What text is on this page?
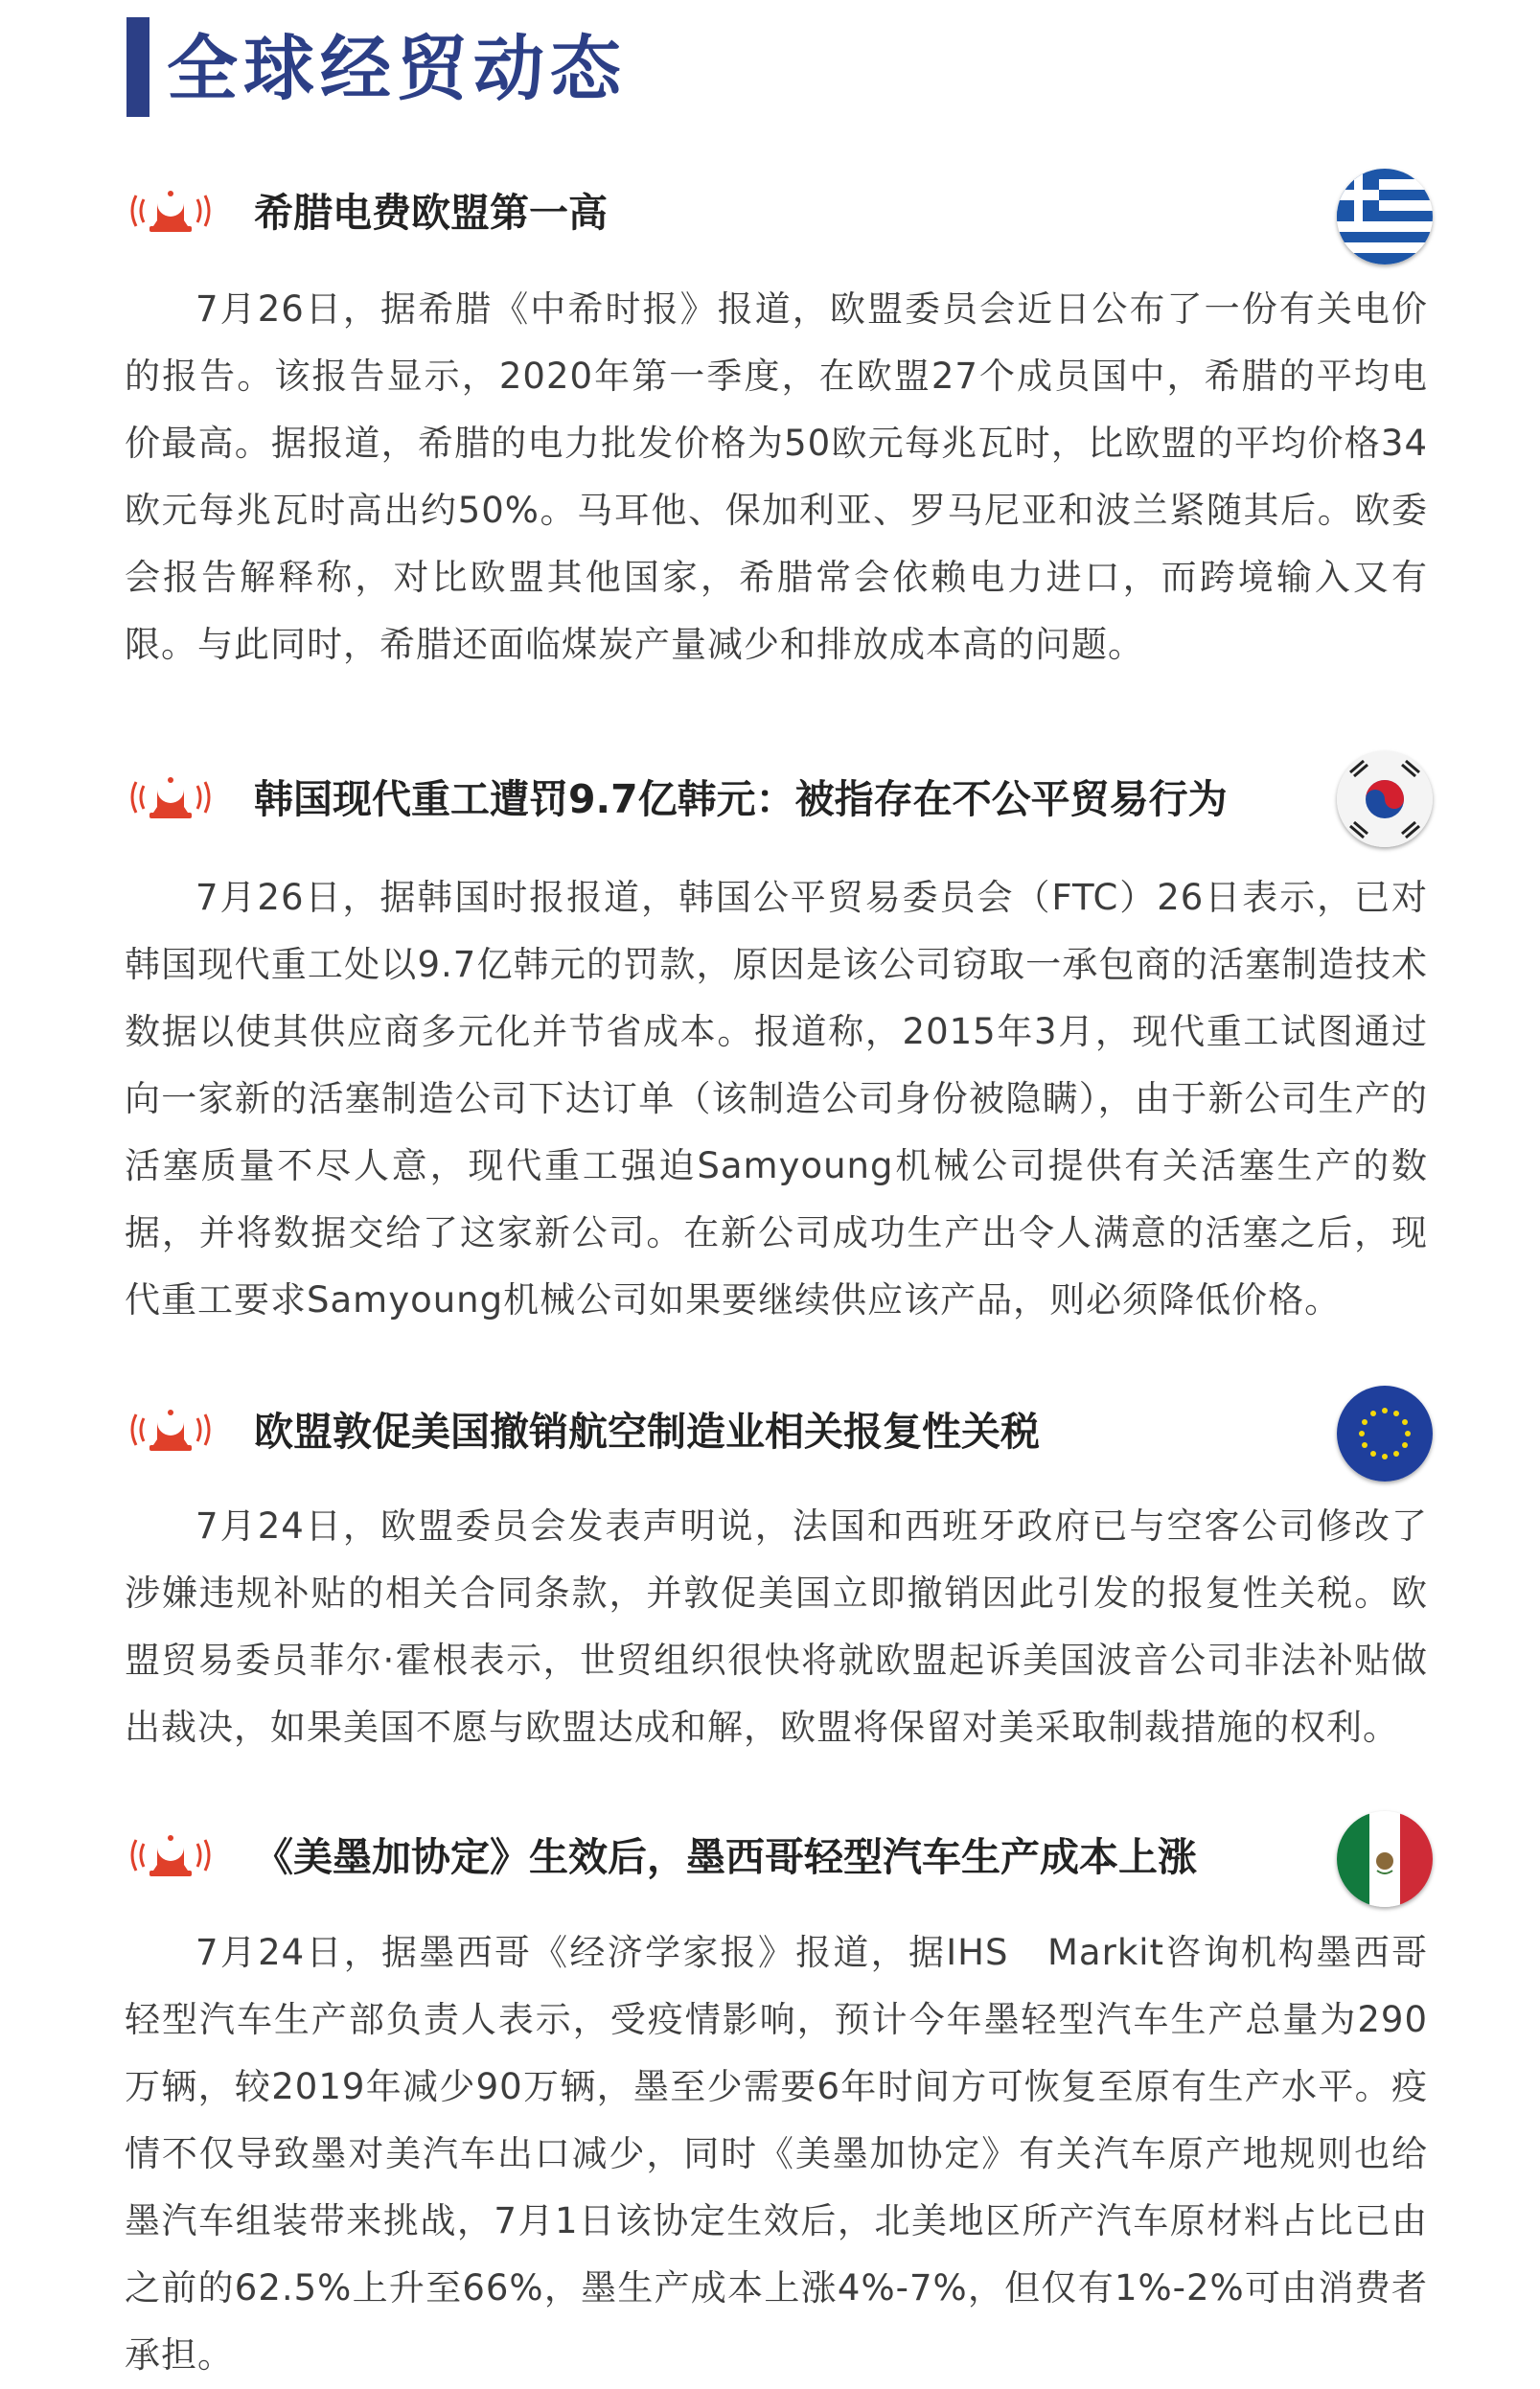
全球经贸动态
希腊电费欧盟第一高

7月26日，据希腊《中希时报》报道，欧盟委员会近日公布了一份有关电价的报告。该报告显示，2020年第一季度，在欧盟27个成员国中，希腊的平均电价最高。据报道，希腊的电力批发价格为50欧元每兆瓦时，比欧盟的平均价格34欧元每兆瓦时高出约50%。马耳他、保加利亚、罗马尼亚和波兰紧随其后。欧委会报告解释称，对比欧盟其他国家，希腊常会依赖电力进口，而跨境输入又有限。与此同时，希腊还面临煤炭产量减少和排放成本高的问题。

韩国现代重工遭罚9.7亿韩元：被指存在不公平贸易行为

7月26日，据韩国时报报道，韩国公平贸易委员会（FTC）26日表示，已对韩国现代重工处以9.7亿韩元的罚款，原因是该公司窃取一承包商的活塞制造技术数据以使其供应商多元化并节省成本。报道称，2015年3月，现代重工试图通过向一家新的活塞制造公司下达订单（该制造公司身份被隐瞒），由于新公司生产的活塞质量不尽人意，现代重工强迫Samyoung机械公司提供有关活塞生产的数据，并将数据交给了这家新公司。在新公司成功生产出令人满意的活塞之后，现代重工要求Samyoung机械公司如果要继续供应该产品，则必须降低价格。

欧盟敦促美国撤销航空制造业相关报复性关税

7月24日，欧盟委员会发表声明说，法国和西班牙政府已与空客公司修改了涉嫌违规补贴的相关合同条款，并敦促美国立即撤销因此引发的报复性关税。欧盟贸易委员菲尔·霍根表示，世贸组织很快将就欧盟起诉美国波音公司非法补贴做出裁决，如果美国不愿与欧盟达成和解，欧盟将保留对美采取制裁措施的权利。

《美墨加协定》生效后，墨西哥轻型汽车生产成本上涨

7月24日，据墨西哥《经济学家报》报道，据IHS　Markit咨询机构墨西哥轻型汽车生产部负责人表示，受疫情影响，预计今年墨轻型汽车生产总量为290万辆，较2019年减少90万辆，墨至少需要6年时间方可恢复至原有生产水平。疫情不仅导致墨对美汽车出口减少，同时《美墨加协定》有关汽车原产地规则也给墨汽车组装带来挑战，7月1日该协定生效后，北美地区所产汽车原材料占比已由之前的62.5%上升至66%，墨生产成本上涨4%-7%，但仅有1%-2%可由消费者承担。
